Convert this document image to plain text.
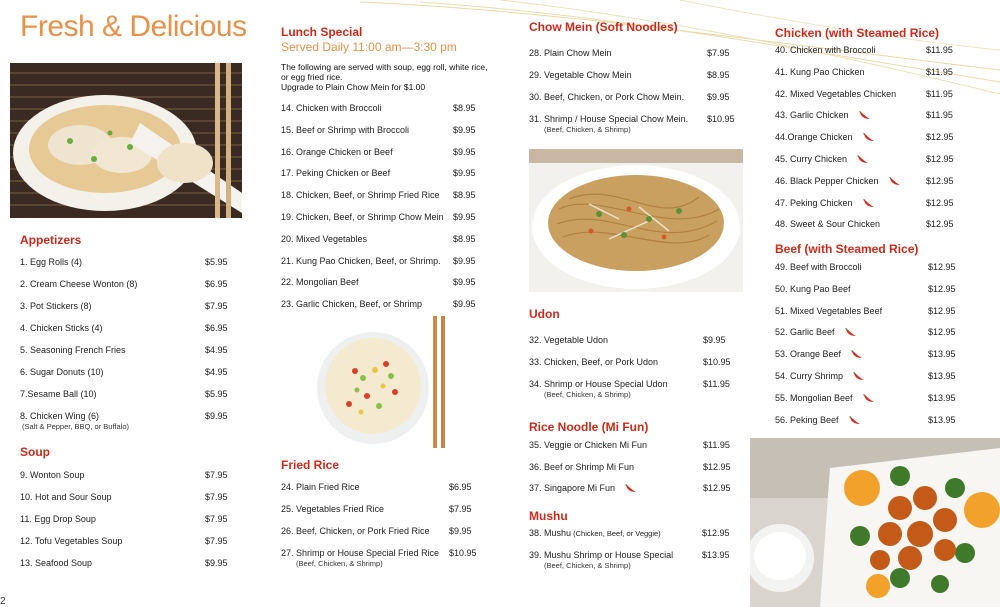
Fresh & Delicious
2
Appetizers
1. Egg Rolls (4)	$5.95
2. Cream Cheese Wonton (8)	$6.95
3. Pot Stickers (8)	$7.95
4. Chicken Sticks (4)	$6.95
5. Seasoning French Fries	$4.95
6. Sugar Donuts (10)	$4.95
7.Sesame Ball (10)	$5.95
8. Chicken Wing (6)	$9.95
(Salt & Pepper, BBQ, or Buffalo)
Soup
9. Wonton Soup	$7.95
10. Hot and Sour Soup	$7.95
11. Egg Drop Soup	$7.95
12. Tofu Vegetables Soup	$7.95
13. Seafood Soup	$9.95
Lunch Special
Served Daily 11:00 am—3:30 pm
The following are served with soup, egg roll, white rice,
or egg fried rice.
Upgrade to Plain Chow Mein for $1.00
14. Chicken with Broccoli	$8.95
15. Beef or Shrimp with Broccoli	$9.95
16. Orange Chicken or Beef	$9.95
17. Peking Chicken or Beef	$9.95
18. Chicken, Beef, or Shrimp Fried Rice $8.95
19. Chicken, Beef, or Shrimp Chow Mein $9.95
20. Mixed Vegetables	$8.95
21. Kung Pao Chicken, Beef, or Shrimp. $9.95
22. Mongolian Beef	$9.95
23. Garlic Chicken, Beef, or Shrimp	$9.95
Fried Rice
24. Plain Fried Rice	$6.95
25. Vegetables Fried Rice	$7.95
26. Beef, Chicken, or Pork Fried Rice $9.95
27. Shrimp or House Special Fried Rice $10.95
(Beef, Chicken, & Shrimp)
Chow Mein (Soft Noodles)
28. Plain Chow Mein	$7.95
29. Vegetable Chow Mein	$8.95
30. Beef, Chicken, or Pork Chow Mein.	$9.95
31. Shrimp / House Special Chow Mein. $10.95
(Beef, Chicken, & Shrimp)
Udon
32. Vegetable Udon	$9.95
33. Chicken, Beef, or Pork Udon	$10.95
34. Shrimp or House Special Udon	$11.95
(Beef, Chicken, & Shrimp)
Rice Noodle (Mi Fun)
35. Veggie or Chicken Mi Fun	$11.95
36. Beef or Shrimp Mi Fun	$12.95
37. Singapore Mi Fun	$12.95
Mushu
38. Mushu (Chicken, Beef, or Veggie)	$12.95
39. Mushu Shrimp or House Special	$13.95
(Beef, Chicken, & Shrimp)
Chicken (with Steamed Rice)
40. Chicken with Broccoli	$11.95
41. Kung Pao Chicken	$11.95
42. Mixed Vegetables Chicken	$11.95
43. Garlic Chicken	$11.95
44.Orange Chicken	$12.95
45. Curry Chicken	$12.95
46. Black Pepper Chicken	$12.95
47. Peking Chicken	$12.95
48. Sweet & Sour Chicken	$12.95
Beef (with Steamed Rice)
49. Beef with Broccoli	$12.95
50. Kung Pao Beef	$12.95
51. Mixed Vegetables Beef	$12.95
52. Garlic Beef	$12.95
53. Orange Beef	$13.95
54. Curry Shrimp	$13.95
55. Mongolian Beef	$13.95
56. Peking Beef	$13.95
